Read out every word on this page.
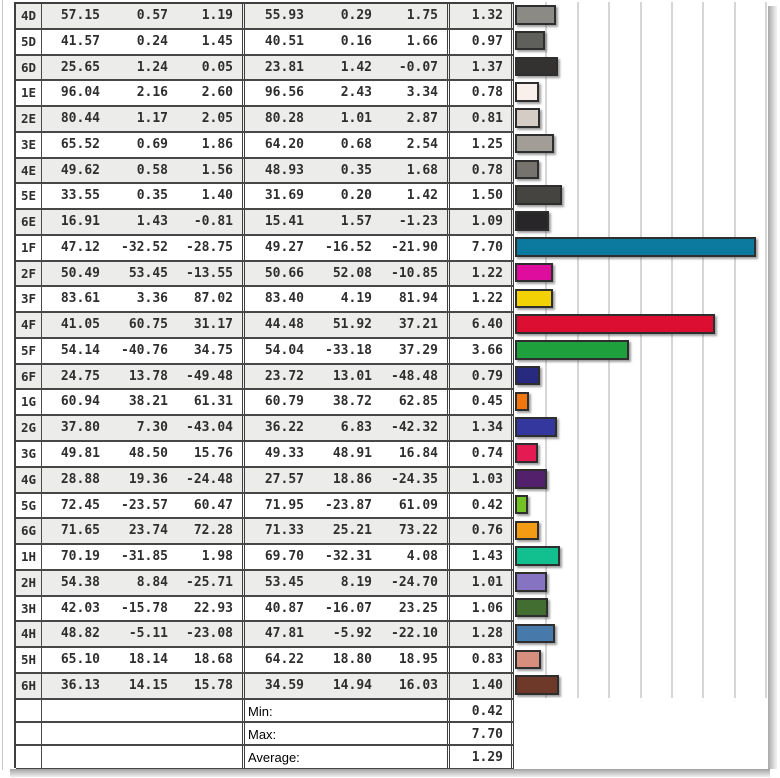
4D	57.15	0.57	1.19	55.93	0.29	1.75	1.32
5D	41.57	0.24	1.45	40.51	0.16	1.66	0.97
6D	25.65	1.24	0.05	23.81	1.42	-0.07	1.37
1E	96.04	2.16	2.60	96.56	2.43	3.34	0.78
2E	80.44	1.17	2.05	80.28	1.01	2.87	0.81
3E	65.52	0.69	1.86	64.20	0.68	2.54	1.25
4E	49.62	0.58	1.56	48.93	0.35	1.68	0.78
5E	33.55	0.35	1.40	31.69	0.20	1.42	1.50
6E	16.91	1.43	-0.81	15.41	1.57	-1.23	1.09
1F	47.12	-32.52	-28.75	49.27	-16.52	-21.90	7.70
2F	50.49	53.45	-13.55	50.66	52.08	-10.85	1.22
3F	83.61	3.36	87.02	83.40	4.19	81.94	1.22
4F	41.05	60.75	31.17	44.48	51.92	37.21	6.40
5F	54.14	-40.76	34.75	54.04	-33.18	37.29	3.66
6F	24.75	13.78	-49.48	23.72	13.01	-48.48	0.79
1G	60.94	38.21	61.31	60.79	38.72	62.85	0.45
2G	37.80	7.30	-43.04	36.22	6.83	-42.32	1.34
3G	49.81	48.50	15.76	49.33	48.91	16.84	0.74
4G	28.88	19.36	-24.48	27.57	18.86	-24.35	1.03
5G	72.45	-23.57	60.47	71.95	-23.87	61.09	0.42
6G	71.65	23.74	72.28	71.33	25.21	73.22	0.76
1H	70.19	-31.85	1.98	69.70	-32.31	4.08	1.43
2H	54.38	8.84	-25.71	53.45	8.19	-24.70	1.01
3H	42.03	-15.78	22.93	40.87	-16.07	23.25	1.06
4H	48.82	-5.11	-23.08	47.81	-5.92	-22.10	1.28
5H	65.10	18.14	18.68	64.22	18.80	18.95	0.83
6H	36.13	14.15	15.78	34.59	14.94	16.03	1.40
Min:	0.42
Max:	7.70
Average:	1.29
